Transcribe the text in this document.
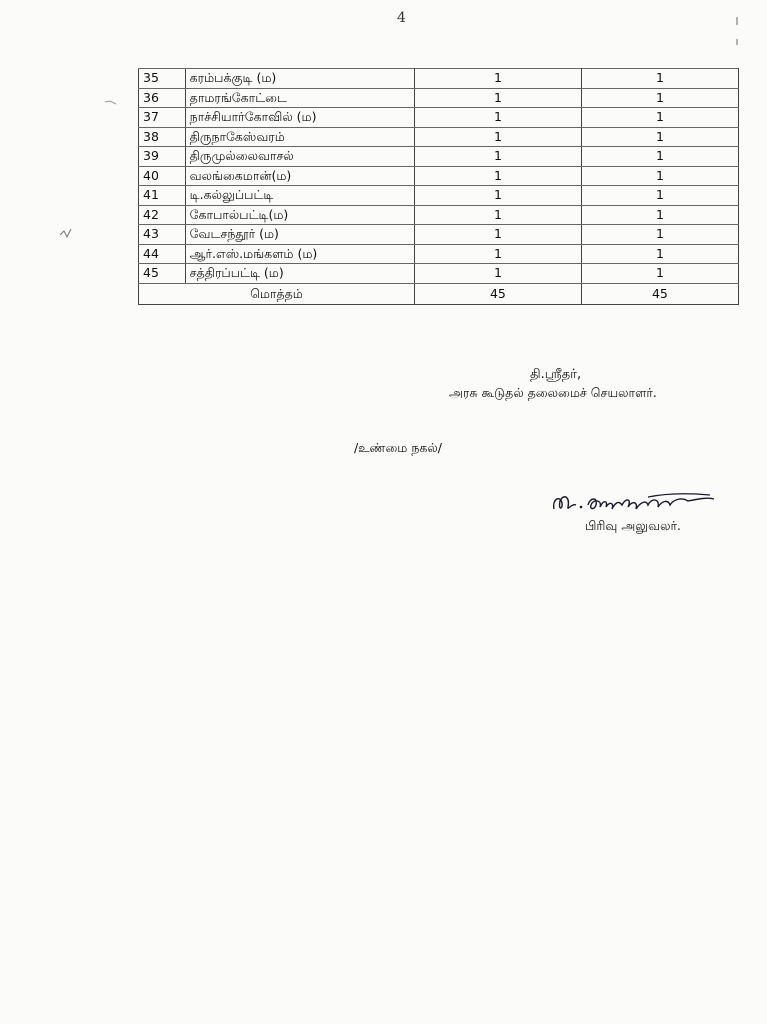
4
35	கரம்பக்குடி (ம)	1	1
36	தாமரங்கோட்டை	1	1
37	நாச்சியார்கோவில் (ம)	1	1
38	திருநாகேஸ்வரம்	1	1
39	திருமுல்லைவாசல்	1	1
40	வலங்கைமான்(ம)	1	1
41	டி.கல்லுப்பட்டி	1	1
42	கோபால்பட்டி(ம)	1	1
43	வேடசந்தூர் (ம)	1	1
44	ஆர்.எஸ்.மங்களம் (ம)	1	1
45	சத்திரப்பட்டி (ம)	1	1
மொத்தம்		45	45
தி.ஸ்ரீதர்,
அரசு கூடுதல் தலைமைச் செயலாளர்.
/உண்மை நகல்/
பிரிவு அலுவலர்.
